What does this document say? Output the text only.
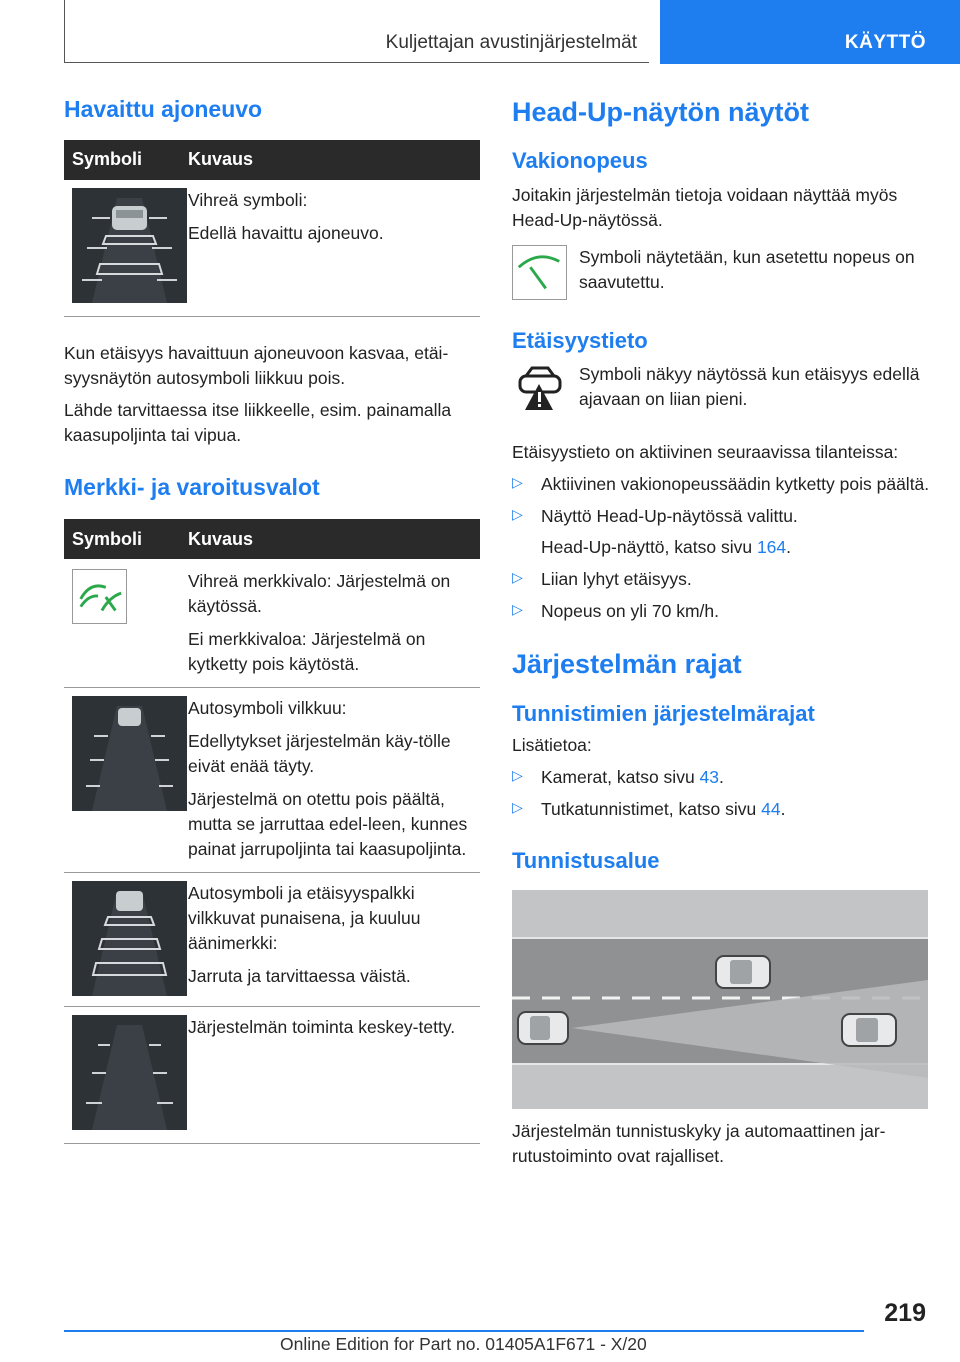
Kuljettajan avustinjärjestelmät	KÄYTTÖ
Havaittu ajoneuvo
Symboli	Kuvaus

Vihreä symboli:

Edellä havaittu ajoneuvo.

Kun etäisyys havaittuun ajoneuvoon kasvaa, etäi-syysnäytön autosymboli liikkuu pois.

Lähde tarvittaessa itse liikkeelle, esim. painamalla kaasupoljinta tai vipua.

Merkki- ja varoitusvalot
Symboli	Kuvaus

Vihreä merkkivalo: Järjestelmä on käytössä.

Ei merkkivaloa: Järjestelmä on kytketty pois käytöstä.

Autosymboli vilkkuu:

Edellytykset järjestelmän käy-tölle eivät enää täyty.

Järjestelmä on otettu pois päältä, mutta se jarruttaa edel-leen, kunnes painat jarrupoljinta tai kaasupoljinta.

Autosymboli ja etäisyyspalkki vilkkuvat punaisena, ja kuuluu äänimerkki:

Jarruta ja tarvittaessa väistä.

Järjestelmän toiminta keskey-tetty.

Head-Up-näytön näytöt
Vakionopeus

Joitakin järjestelmän tietoja voidaan näyttää myös Head-Up-näytössä.

Symboli näytetään, kun asetettu nopeus on saavutettu.

Etäisyystieto

Symboli näkyy näytössä kun etäisyys edellä ajavaan on liian pieni.

Etäisyystieto on aktiivinen seuraavissa tilanteissa:

▷	Aktiivinen vakionopeussäädin kytketty pois päältä.

▷	Näyttö Head-Up-näytössä valittu.

Head-Up-näyttö, katso sivu 164.

▷	Liian lyhyt etäisyys.

▷	Nopeus on yli 70 km/h.

Järjestelmän rajat
Tunnistimien järjestelmärajat

Lisätietoa:

▷	Kamerat, katso sivu 43.

▷	Tutkatunnistimet, katso sivu 44.

Tunnistusalue

Järjestelmän tunnistuskyky ja automaattinen jar-rutustoiminto ovat rajalliset.

219
Online Edition for Part no. 01405A1F671 - X/20
